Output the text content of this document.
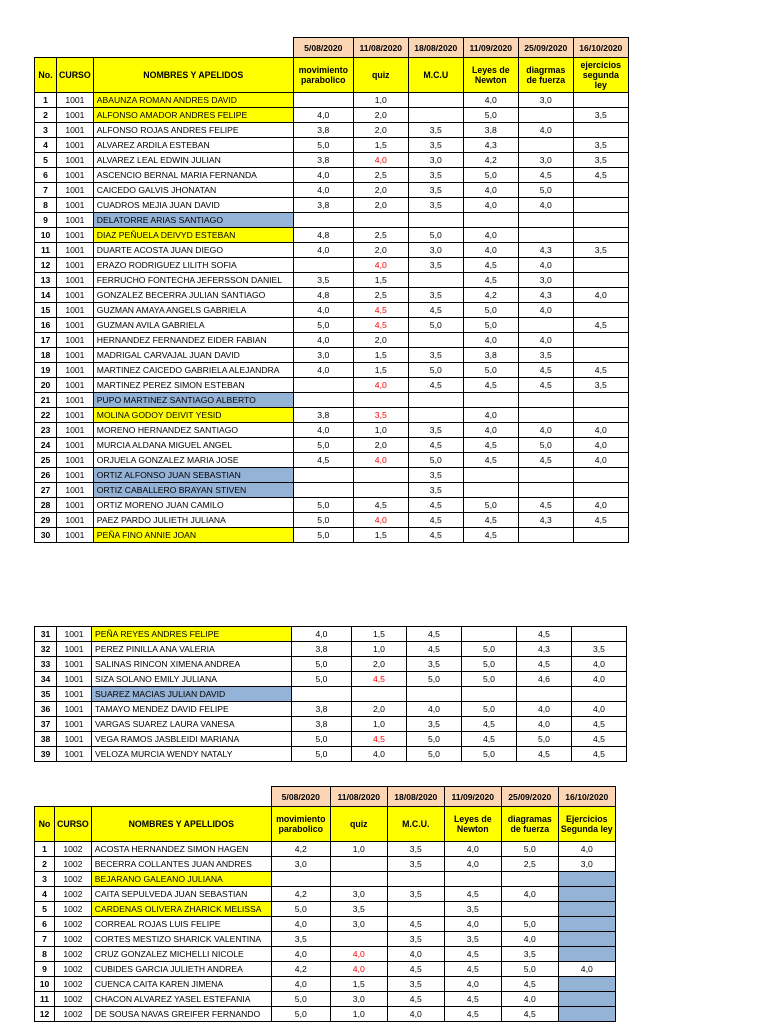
			5/08/2020	11/08/2020	18/08/2020	11/09/2020	25/09/2020	16/10/2020
No.	CURSO	NOMBRES Y APELIDOS	movimiento parabolico	quiz	M.C.U	Leyes de Newton	diagrmas de fuerza	ejercicios segunda ley
1	1001	ABAUNZA ROMAN ANDRES DAVID		1,0		4,0	3,0	
2	1001	ALFONSO AMADOR ANDRES FELIPE	4,0	2,0		5,0		3,5
3	1001	ALFONSO ROJAS ANDRES FELIPE	3,8	2,0	3,5	3,8	4,0	
4	1001	ALVAREZ ARDILA ESTEBAN	5,0	1,5	3,5	4,3		3,5
5	1001	ALVAREZ LEAL EDWIN JULIAN	3,8	4,0	3,0	4,2	3,0	3,5
6	1001	ASCENCIO BERNAL MARIA FERNANDA	4,0	2,5	3,5	5,0	4,5	4,5
7	1001	CAICEDO GALVIS JHONATAN	4,0	2,0	3,5	4,0	5,0	
8	1001	CUADROS MEJIA JUAN DAVID	3,8	2,0	3,5	4,0	4,0	
9	1001	DELATORRE ARIAS SANTIAGO						
10	1001	DIAZ PEÑUELA DEIVYD ESTEBAN	4,8	2,5	5,0	4,0		
11	1001	DUARTE ACOSTA JUAN DIEGO	4,0	2,0	3,0	4,0	4,3	3,5
12	1001	ERAZO RODRIGUEZ LILITH SOFIA		4,0	3,5	4,5	4,0	
13	1001	FERRUCHO FONTECHA JEFERSSON DANIEL	3,5	1,5		4,5	3,0	
14	1001	GONZALEZ BECERRA JULIAN SANTIAGO	4,8	2,5	3,5	4,2	4,3	4,0
15	1001	GUZMAN AMAYA ANGELS GABRIELA	4,0	4,5	4,5	5,0	4,0	
16	1001	GUZMAN AVILA GABRIELA	5,0	4,5	5,0	5,0		4,5
17	1001	HERNANDEZ FERNANDEZ EIDER FABIAN	4,0	2,0		4,0	4,0	
18	1001	MADRIGAL CARVAJAL JUAN DAVID	3,0	1,5	3,5	3,8	3,5	
19	1001	MARTINEZ CAICEDO GABRIELA ALEJANDRA	4,0	1,5	5,0	5,0	4,5	4,5
20	1001	MARTINEZ PEREZ SIMON ESTEBAN		4,0	4,5	4,5	4,5	3,5
21	1001	PUPO MARTINEZ SANTIAGO ALBERTO						
22	1001	MOLINA GODOY DEIVIT YESID	3,8	3,5		4,0		
23	1001	MORENO HERNANDEZ SANTIAGO	4,0	1,0	3,5	4,0	4,0	4,0
24	1001	MURCIA ALDANA MIGUEL ANGEL	5,0	2,0	4,5	4,5	5,0	4,0
25	1001	ORJUELA GONZALEZ MARIA JOSE	4,5	4,0	5,0	4,5	4,5	4,0
26	1001	ORTIZ ALFONSO JUAN SEBASTIAN			3,5			
27	1001	ORTIZ CABALLERO BRAYAN STIVEN			3,5			
28	1001	ORTIZ MORENO JUAN CAMILO	5,0	4,5	4,5	5,0	4,5	4,0
29	1001	PAEZ PARDO JULIETH JULIANA	5,0	4,0	4,5	4,5	4,3	4,5
30	1001	PEÑA FINO ANNIE JOAN	5,0	1,5	4,5	4,5		
31	1001	PEÑA REYES ANDRES FELIPE	4,0	1,5	4,5		4,5	
32	1001	PEREZ PINILLA ANA VALERIA	3,8	1,0	4,5	5,0	4,3	3,5
33	1001	SALINAS RINCON XIMENA ANDREA	5,0	2,0	3,5	5,0	4,5	4,0
34	1001	SIZA SOLANO EMILY JULIANA	5,0	4,5	5,0	5,0	4,6	4,0
35	1001	SUAREZ MACIAS JULIAN DAVID						
36	1001	TAMAYO MENDEZ DAVID FELIPE	3,8	2,0	4,0	5,0	4,0	4,0
37	1001	VARGAS SUAREZ LAURA VANESA	3,8	1,0	3,5	4,5	4,0	4,5
38	1001	VEGA RAMOS JASBLEIDI MARIANA	5,0	4,5	5,0	4,5	5,0	4,5
39	1001	VELOZA MURCIA WENDY NATALY	5,0	4,0	5,0	5,0	4,5	4,5
			5/08/2020	11/08/2020	18/08/2020	11/09/2020	25/09/2020	16/10/2020
No	CURSO	NOMBRES Y APELLIDOS	movimiento parabolico	quiz	M.C.U.	Leyes de Newton	diagramas de fuerza	Ejercicios Segunda ley
1	1002	ACOSTA HERNANDEZ SIMON HAGEN	4,2	1,0	3,5	4,0	5,0	4,0
2	1002	BECERRA COLLANTES JUAN ANDRES	3,0		3,5	4,0	2,5	3,0
3	1002	BEJARANO GALEANO JULIANA						
4	1002	CAITA SEPULVEDA JUAN SEBASTIAN	4,2	3,0	3,5	4,5	4,0	
5	1002	CARDENAS OLIVERA ZHARICK MELISSA	5,0	3,5		3,5		
6	1002	CORREAL ROJAS LUIS FELIPE	4,0	3,0	4,5	4,0	5,0	
7	1002	CORTES MESTIZO SHARICK VALENTINA	3,5		3,5	3,5	4,0	
8	1002	CRUZ GONZALEZ MICHELLI NICOLE	4,0	4,0	4,0	4,5	3,5	
9	1002	CUBIDES GARCIA JULIETH ANDREA	4,2	4,0	4,5	4,5	5,0	4,0
10	1002	CUENCA CAITA KAREN JIMENA	4,0	1,5	3,5	4,0	4,5	
11	1002	CHACON ALVAREZ YASEL ESTEFANIA	5,0	3,0	4,5	4,5	4,0	
12	1002	DE SOUSA NAVAS GREIFER FERNANDO	5,0	1,0	4,0	4,5	4,5	
